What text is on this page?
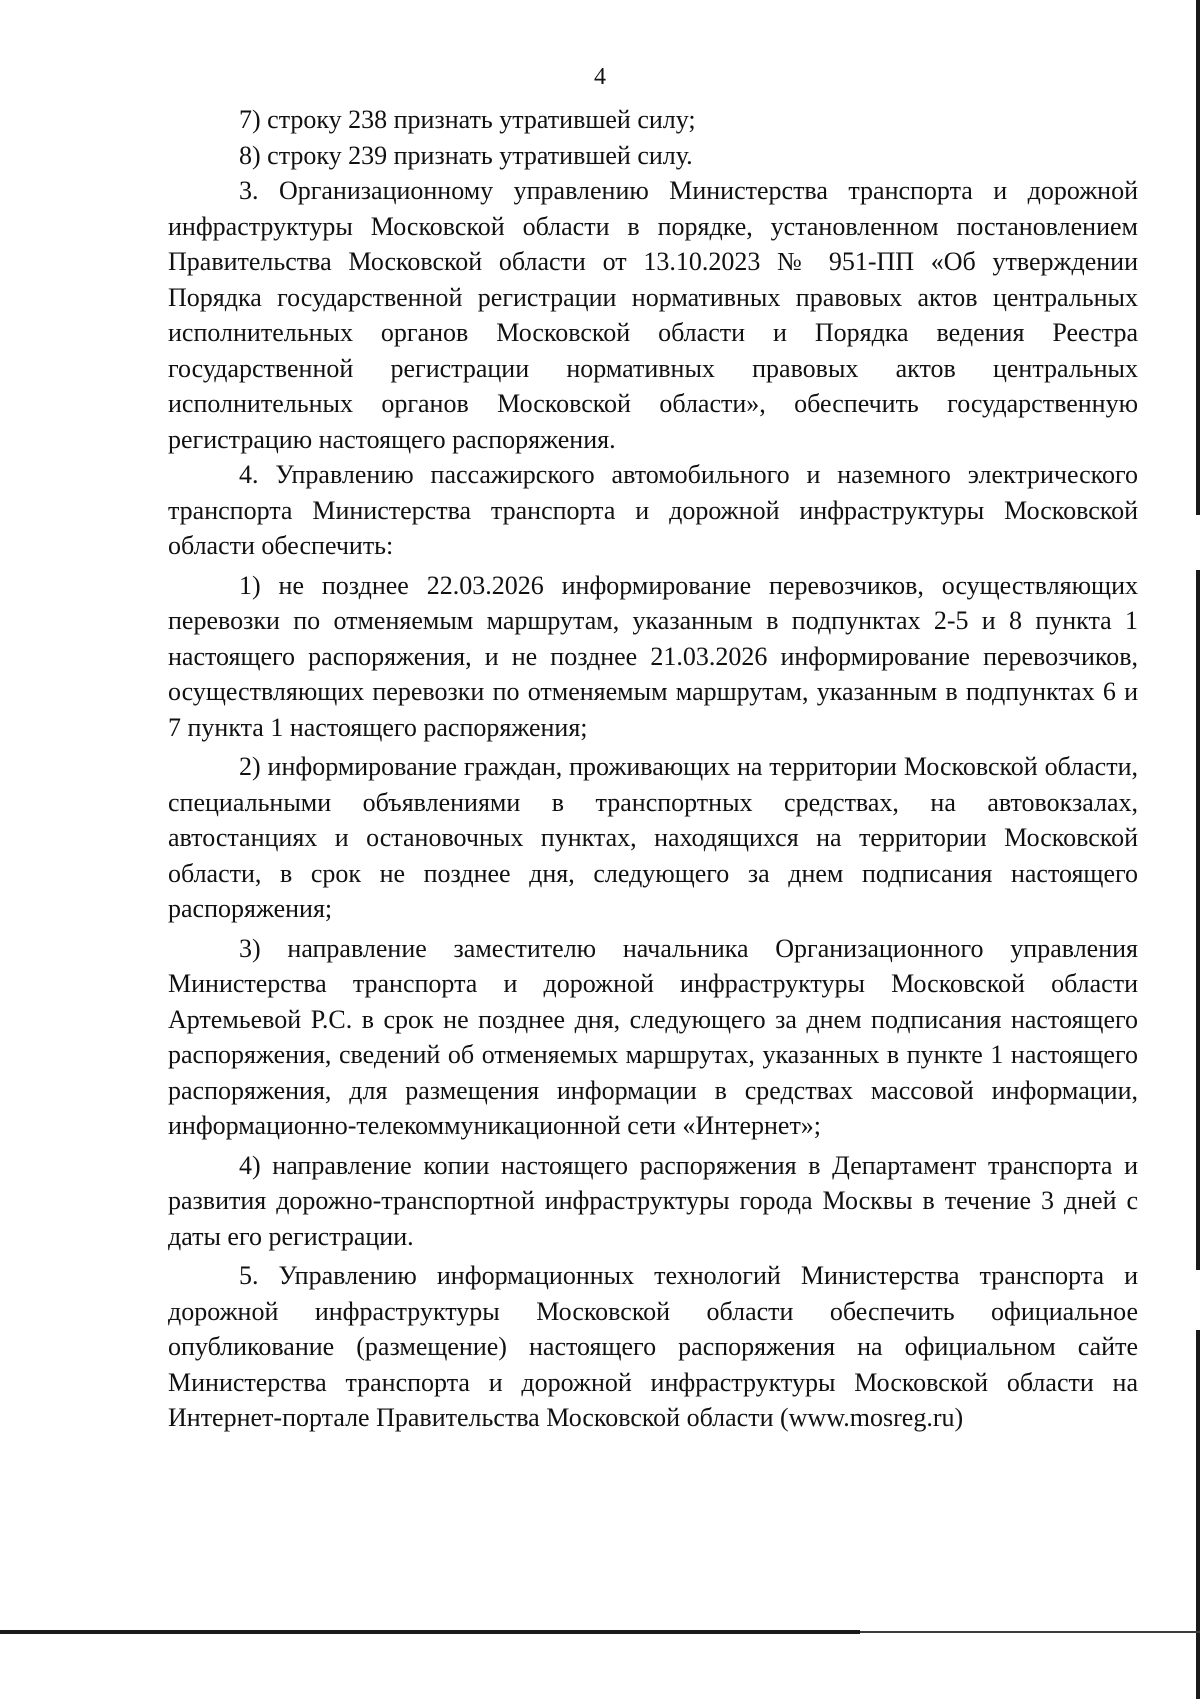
4

7) строку 238 признать утратившей силу;

8) строку 239 признать утратившей силу.

3. Организационному управлению Министерства транспорта и дорожной инфраструктуры Московской области в порядке, установленном постановлением Правительства Московской области от 13.10.2023 № 951-ПП «Об утверждении Порядка государственной регистрации нормативных правовых актов центральных исполнительных органов Московской области и Порядка ведения Реестра государственной регистрации нормативных правовых актов центральных исполнительных органов Московской области», обеспечить государственную регистрацию настоящего распоряжения.

4. Управлению пассажирского автомобильного и наземного электрического транспорта Министерства транспорта и дорожной инфраструктуры Московской области обеспечить:

1) не позднее 22.03.2026 информирование перевозчиков, осуществляющих перевозки по отменяемым маршрутам, указанным в подпунктах 2-5 и 8 пункта 1 настоящего распоряжения, и не позднее 21.03.2026 информирование перевозчиков, осуществляющих перевозки по отменяемым маршрутам, указанным в подпунктах 6 и 7 пункта 1 настоящего распоряжения;

2) информирование граждан, проживающих на территории Московской области, специальными объявлениями в транспортных средствах, на автовокзалах, автостанциях и остановочных пунктах, находящихся на территории Московской области, в срок не позднее дня, следующего за днем подписания настоящего распоряжения;

3) направление заместителю начальника Организационного управления Министерства транспорта и дорожной инфраструктуры Московской области Артемьевой Р.С. в срок не позднее дня, следующего за днем подписания настоящего распоряжения, сведений об отменяемых маршрутах, указанных в пункте 1 настоящего распоряжения, для размещения информации в средствах массовой информации, информационно-телекоммуникационной сети «Интернет»;

4) направление копии настоящего распоряжения в Департамент транспорта и развития дорожно-транспортной инфраструктуры города Москвы в течение 3 дней с даты его регистрации.

5. Управлению информационных технологий Министерства транспорта и дорожной инфраструктуры Московской области обеспечить официальное опубликование (размещение) настоящего распоряжения на официальном сайте Министерства транспорта и дорожной инфраструктуры Московской области на Интернет-портале Правительства Московской области (www.mosreg.ru)
